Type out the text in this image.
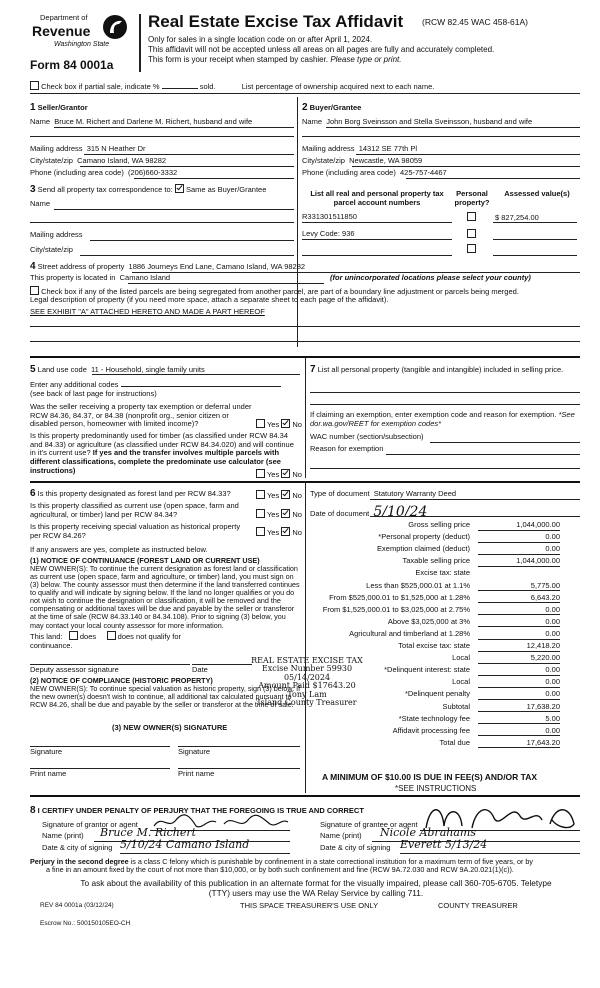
Department of
Revenue
Washington State
Form 84 0001a
Real Estate Excise Tax Affidavit (RCW 82.45 WAC 458-61A)
Only for sales in a single location code on or after April 1, 2024.
This affidavit will not be accepted unless all areas on all pages are fully and accurately completed.
This form is your receipt when stamped by cashier. Please type or print.
Check box if partial sale, indicate %	sold.	List percentage of ownership acquired next to each name.
1 Seller/Grantor	2 Buyer/Grantee
Name Bruce M. Richert and Darlene M. Richert, husband and wife	Name John Borg Sveinsson and Stella Sveinsson, husband and wife
Mailing address 315 N Heather Dr
City/state/zip Camano Island, WA 98282
Phone (including area code) (206)660-3332
Mailing address 14312 SE 77th Pl
City/state/zip Newcastle, WA 98059
Phone (including area code) 425-757-4467
3 Send all property tax correspondence to: Same as Buyer/Grantee
Name
Mailing address
City/state/zip
List all real and personal property tax parcel account numbers
Personal property?
Assessed value(s)
R331301511850	$ 827,254.00
Levy Code: 936
4 Street address of property 1886 Journeys End Lane, Camano Island, WA 98282
This property is located in Camano Island	(for unincorporated locations please select your county)
Check box if any of the listed parcels are being segregated from another parcel, are part of a boundary line adjustment or parcels being merged.
Legal description of property (if you need more space, attach a separate sheet to each page of the affidavit).
SEE EXHIBIT "A" ATTACHED HERETO AND MADE A PART HEREOF
5 Land use code 11 - Household, single family units
Enter any additional codes
(see back of last page for instructions)
Was the seller receiving a property tax exemption or deferral under RCW 84.36, 84.37, or 84.38 (nonprofit org., senior citizen or disabled person, homeowner with limited income)?	Yes No
Is this property predominantly used for timber (as classified under RCW 84.34 and 84.33) or agriculture (as classified under RCW 84.34.020) and will continue in it's current use? If yes and the transfer involves multiple parcels with different classifications, complete the predominate use calculator (see instructions)	Yes No
7 List all personal property (tangible and intangible) included in selling price.
If claiming an exemption, enter exemption code and reason for exemption. *See dor.wa.gov/REET for exemption codes*
WAC number (section/subsection)
Reason for exemption
6 Is this property designated as forest land per RCW 84.33?	Yes No
Is this property classified as current use (open space, farm and agricultural, or timber) land per RCW 84.34?	Yes No
Is this property receiving special valuation as historical property per RCW 84.26?	Yes No
If any answers are yes, complete as instructed below.
(1) NOTICE OF CONTINUANCE (FOREST LAND OR CURRENT USE)
NEW OWNER(S): To continue the current designation as forest land or classification as current use (open space, farm and agriculture, or timber) land, you must sign on (3) below. The county assessor must then determine if the land transferred continues to qualify and will indicate by signing below. If the land no longer qualifies or you do not wish to continue the designation or classification, it will be removed and the compensating or additional taxes will be due and payable by the seller or transferor at the time of sale (RCW 84.33.140 or 84.34.108). Prior to signing (3) below, you may contact your local county assessor for more information.
This land: does	does not qualify for
continuance.
Deputy assessor signature	Date
(2) NOTICE OF COMPLIANCE (HISTORIC PROPERTY)
NEW OWNER(S): To continue special valuation as historic property, sign (3) below. If the new owner(s) doesn't wish to continue, all additional tax calculated pursuant to RCW 84.26, shall be due and payable by the seller or transferor at the time of sale.
(3) NEW OWNER(S) SIGNATURE
Signature	Signature
Print name	Print name
Type of document Statutory Warranty Deed
Date of document 5/10/24
Gross selling price	1,044,000.00
*Personal property (deduct)	0.00
Exemption claimed (deduct)	0.00
Taxable selling price	1,044,000.00
Excise tax: state
Less than $525,000.01 at 1.1%	5,775.00
From $525,000.01 to $1,525,000 at 1.28%	6,643.20
From $1,525,000.01 to $3,025,000 at 2.75%	0.00
Above $3,025,000 at 3%	0.00
Agricultural and timberland at 1.28%	0.00
Total excise tax: state	12,418.20
Local	5,220.00
*Delinquent interest: state	0.00
Local	0.00
*Delinquent penalty	0.00
Subtotal	17,638.20
*State technology fee	5.00
Affidavit processing fee	0.00
Total due	17,643.20
REAL ESTATE EXCISE TAX
Excise Number 59930
05/14/2024
Amount Paid $17643.20
Tony Lam
Island County Treasurer
A MINIMUM OF $10.00 IS DUE IN FEE(S) AND/OR TAX
*SEE INSTRUCTIONS
8 I CERTIFY UNDER PENALTY OF PERJURY THAT THE FOREGOING IS TRUE AND CORRECT
Signature of grantor or agent
Name (print) Bruce M. Richert
Date & city of signing 5/10/24 Camano Island
Signature of grantee or agent
Name (print) Nicole Abrahams
Date & city of signing Everett 5/13/24
Perjury in the second degree is a class C felony which is punishable by confinement in a state correctional institution for a maximum term of five years, or by
a fine in an amount fixed by the court of not more than $10,000, or by both such confinement and fine (RCW 9A.72.030 and RCW 9A.20.021(1)(c)).
To ask about the availability of this publication in an alternate format for the visually impaired, please call 360-705-6705. Teletype
(TTY) users may use the WA Relay Service by calling 711.
REV 84 0001a (03/12/24)	THIS SPACE TREASURER'S USE ONLY	COUNTY TREASURER
Escrow No.: 500150105EO-CH
